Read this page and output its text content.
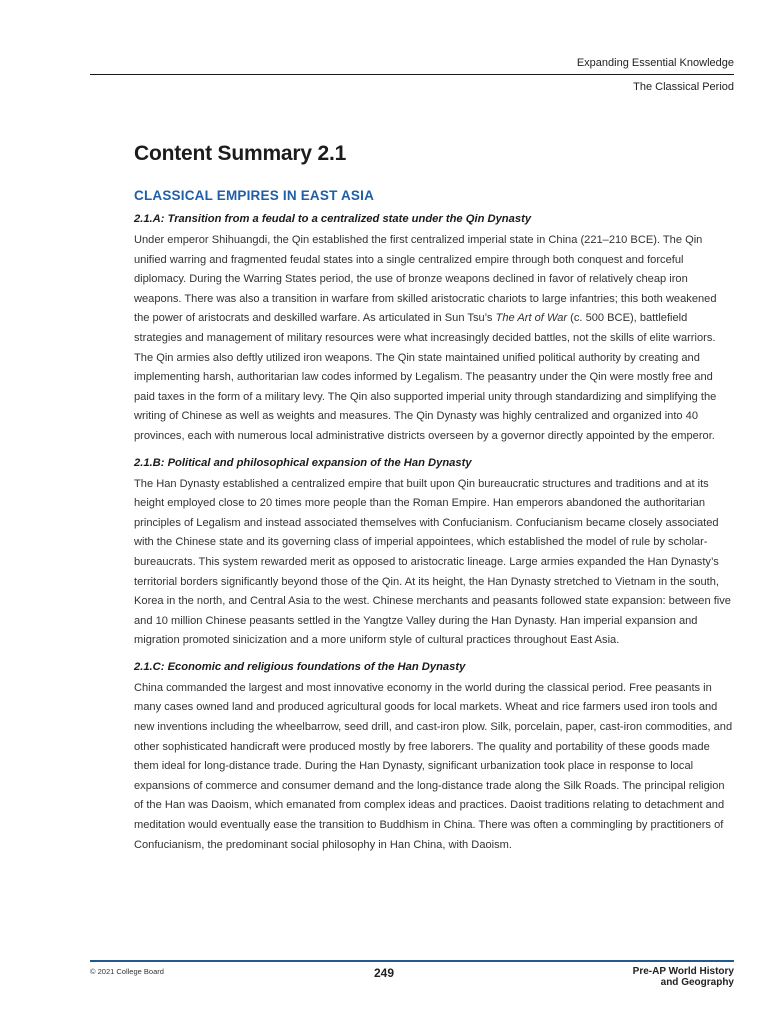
Expanding Essential Knowledge
The Classical Period
Content Summary 2.1
CLASSICAL EMPIRES IN EAST ASIA
2.1.A: Transition from a feudal to a centralized state under the Qin Dynasty

Under emperor Shihuangdi, the Qin established the first centralized imperial state in China (221–210 BCE). The Qin unified warring and fragmented feudal states into a single centralized empire through both conquest and forceful diplomacy. During the Warring States period, the use of bronze weapons declined in favor of relatively cheap iron weapons. There was also a transition in warfare from skilled aristocratic chariots to large infantries; this both weakened the power of aristocrats and deskilled warfare. As articulated in Sun Tsu’s The Art of War (c. 500 BCE), battlefield strategies and management of military resources were what increasingly decided battles, not the skills of elite warriors. The Qin armies also deftly utilized iron weapons. The Qin state maintained unified political authority by creating and implementing harsh, authoritarian law codes informed by Legalism. The peasantry under the Qin were mostly free and paid taxes in the form of a military levy. The Qin also supported imperial unity through standardizing and simplifying the writing of Chinese as well as weights and measures. The Qin Dynasty was highly centralized and organized into 40 provinces, each with numerous local administrative districts overseen by a governor directly appointed by the emperor.

2.1.B: Political and philosophical expansion of the Han Dynasty

The Han Dynasty established a centralized empire that built upon Qin bureaucratic structures and traditions and at its height employed close to 20 times more people than the Roman Empire. Han emperors abandoned the authoritarian principles of Legalism and instead associated themselves with Confucianism. Confucianism became closely associated with the Chinese state and its governing class of imperial appointees, which established the model of rule by scholar-bureaucrats. This system rewarded merit as opposed to aristocratic lineage. Large armies expanded the Han Dynasty’s territorial borders significantly beyond those of the Qin. At its height, the Han Dynasty stretched to Vietnam in the south, Korea in the north, and Central Asia to the west. Chinese merchants and peasants followed state expansion: between five and 10 million Chinese peasants settled in the Yangtze Valley during the Han Dynasty. Han imperial expansion and migration promoted sinicization and a more uniform style of cultural practices throughout East Asia.

2.1.C: Economic and religious foundations of the Han Dynasty

China commanded the largest and most innovative economy in the world during the classical period. Free peasants in many cases owned land and produced agricultural goods for local markets. Wheat and rice farmers used iron tools and new inventions including the wheelbarrow, seed drill, and cast-iron plow. Silk, porcelain, paper, cast-iron commodities, and other sophisticated handicraft were produced mostly by free laborers. The quality and portability of these goods made them ideal for long-distance trade. During the Han Dynasty, significant urbanization took place in response to local expansions of commerce and consumer demand and the long-distance trade along the Silk Roads. The principal religion of the Han was Daoism, which emanated from complex ideas and practices. Daoist traditions relating to detachment and meditation would eventually ease the transition to Buddhism in China. There was often a commingling by practitioners of Confucianism, the predominant social philosophy in Han China, with Daoism.

© 2021 College Board	249	Pre-AP World History
and Geography
